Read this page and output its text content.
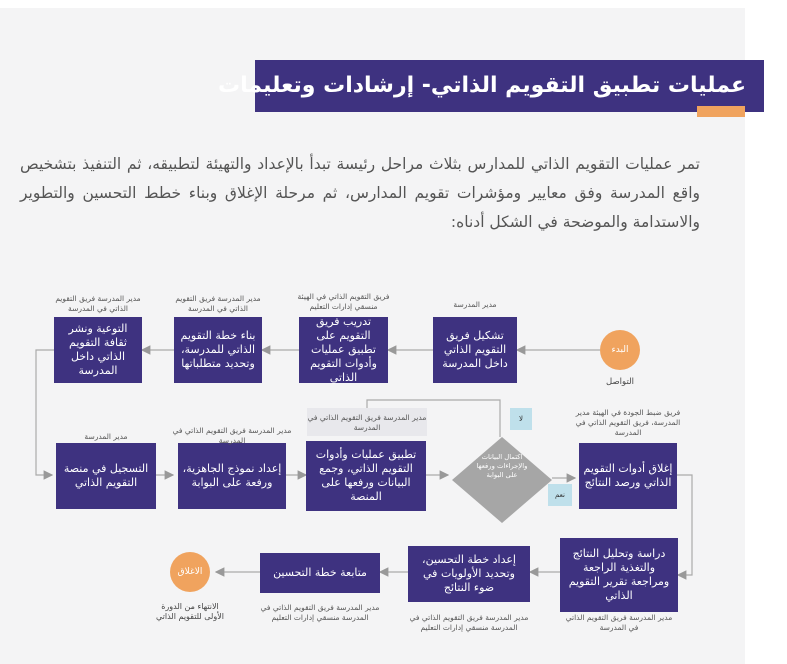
عمليات تطبيق التقويم الذاتي- إرشادات وتعليمات
تمر عمليات التقويم الذاتي للمدارس بثلاث مراحل رئيسة تبدأ بالإعداد والتهيئة لتطبيقه، ثم التنفيذ بتشخيص واقع المدرسة وفق معايير ومؤشرات تقويم المدارس، ثم مرحلة الإغلاق وبناء خطط التحسين والتطوير والاستدامة والموضحة في الشكل أدناه:
البدء
التواصل
الاغلاق
الانتهاء من الدورة الأولى للتقويم الذاتي
تشكيل فريق التقويم الذاتي داخل المدرسة
مدير المدرسة
تدريب فريق التقويم على تطبيق عمليات وأدوات التقويم الذاتي
فريق التقويم الذاتي في الهيئة منسقي إدارات التعليم
بناء خطة التقويم الذاتي للمدرسة، وتحديد متطلباتها
مدير المدرسة فريق التقويم الذاتي في المدرسة
التوعية ونشر ثقافة التقويم الذاتي داخل المدرسة
مدير المدرسة فريق التقويم الذاتي في المدرسة
إغلاق أدوات التقويم الذاتي ورصد النتائج
فريق ضبط الجودة في الهيئة مدير المدرسة، فريق التقويم الذاتي في المدرسة
اكتمال البيانات والإجراءات ورفعها على البوابة
لا
نعم
تطبيق عمليات وأدوات التقويم الذاتي، وجمع البيانات ورفعها على المنصة
مدير المدرسة فريق التقويم الذاتي في المدرسة
إعداد نموذج الجاهزية، ورفعة على البوابة
مدير المدرسة فريق التقويم الذاتي في المدرسة
التسجيل في منصة التقويم الذاتي
مدير المدرسة
دراسة وتحليل النتائج والتغذية الراجعة ومراجعة تقرير التقويم الذاتي
مدير المدرسة فريق التقويم الذاتي في المدرسة
إعداد خطة التحسين، وتحديد الأولويات في ضوء النتائج
مدير المدرسة فريق التقويم الذاتي في المدرسة منسقي إدارات التعليم
متابعة خطة التحسين
مدير المدرسة فريق التقويم الذاتي في المدرسة منسقي إدارات التعليم
